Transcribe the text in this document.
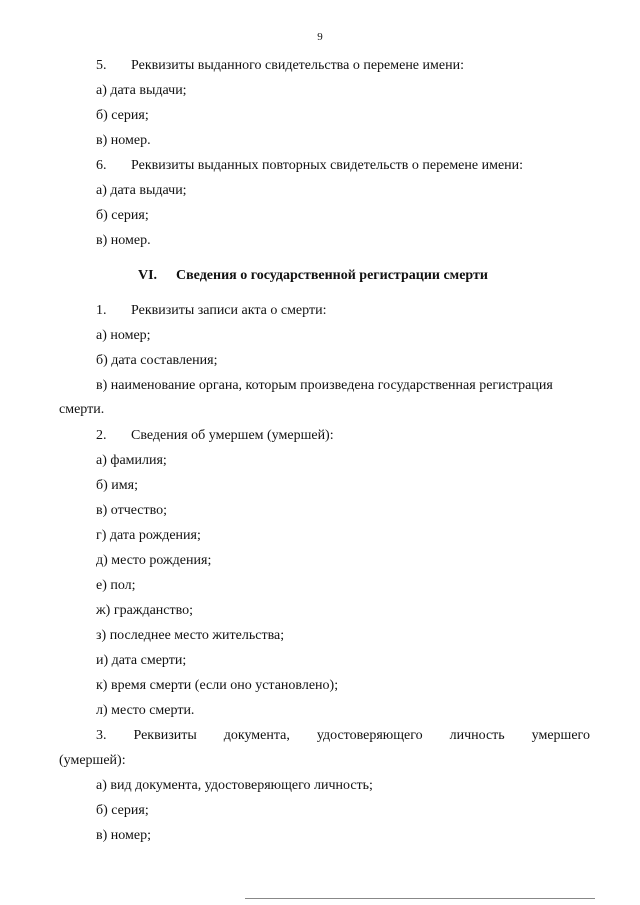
9
5. Реквизиты выданного свидетельства о перемене имени:
а) дата выдачи;
б) серия;
в) номер.
6. Реквизиты выданных повторных свидетельств о перемене имени:
а) дата выдачи;
б) серия;
в) номер.
VI. Сведения о государственной регистрации смерти
1. Реквизиты записи акта о смерти:
а) номер;
б) дата составления;
в) наименование органа, которым произведена государственная регистрация
смерти.
2. Сведения об умершем (умершей):
а) фамилия;
б) имя;
в) отчество;
г) дата рождения;
д) место рождения;
е) пол;
ж) гражданство;
з) последнее место жительства;
и) дата смерти;
к) время смерти (если оно установлено);
л) место смерти.
3. Реквизиты документа, удостоверяющего личность умершего
(умершей):
а) вид документа, удостоверяющего личность;
б) серия;
в) номер;
